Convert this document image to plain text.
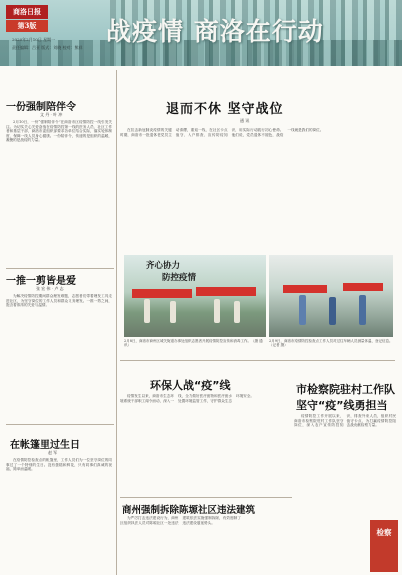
商洛日报
第3版
2020年2月10日 星期一
责任编辑：吕亚 版式：刘晓 校对：熊祥
战疫情 商洛在行动
一份强制陪伴令
文 丹 · 叶 冲

2月10日，一份“强制陪伴令”在商洛市区疫情防控一线引发关注。为切实关心关爱奋战在疫情防控第一线的医务人员、社区工作者和基层干部，商洛市委组织部要求各单位结合实际，落实轮休制度，保障一线人员身心健康。一份陪伴令，传递的是组织的温暖，凝聚的是战疫的力量。

一推一剪皆是爱
张 宏 伟 · 卢 志

为解决疫情防控期间群众理发难题，志愿者们带着理发工具走进社区，为坚守岗位的工作人员和群众义务理发。一推一剪之间，饱含着浓浓的关爱与温情。

在帐篷里过生日
赵 军

在疫情防控检查点的帐篷里，工作人员们为一位坚守岗位的同事过了一个特别的生日。没有蛋糕和鲜花，只有同事们真诚的祝福，简单而温暖。

退而不休 坚守战位
通 讯

在抗击新冠肺炎疫情的关键时期，商洛市一批退休老党员主动请缨，重返一线，在社区卡点值守、入户排查、宣传防疫知识，用实际行动践行初心使命。他们说，党员退休不褪色，战疫一线就是我们的岗位。

齐心协力
防控疫情
2月8日，商洛市商州区城关街道办事处组织志愿者开展疫情防控宣传和消毒工作。（摄 通讯）
2月9日，商洛市疫情防控检查点工作人员对过往车辆人员测量体温、登记信息。（记者 摄）
环保人战“疫”线

疫情发生以来，商洛市生态环境系统干部职工闻令而动，深入一线，全力做好医疗废物和医疗废水处置环境监管工作，守护群众生态环境安全。

商州强制拆除陈塬社区违法建筑

为严厉打击违法建设行为，商州区组织执法人员对陈塬社区一处违法建筑依法实施强制拆除，有效遏制了违法建设蔓延势头。

市检察院驻村工作队
坚守“疫”线勇担当

疫情防控工作开展以来，商洛市检察院驻村工作队坚守岗位，深入农户宣传防控知识，排查外来人员，组织村民值守卡点，为打赢疫情防控阻击战贡献检察力量。

检察
